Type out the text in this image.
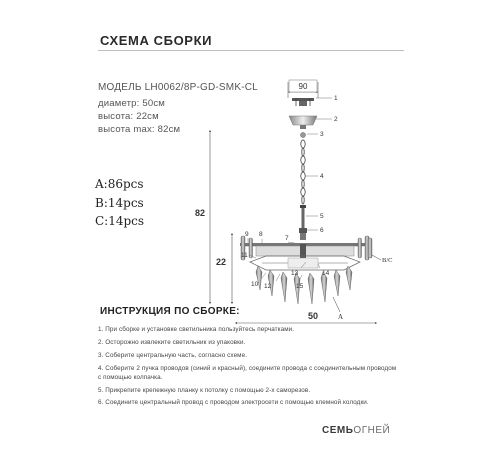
СХЕМА СБОРКИ
МОДЕЛЬ LH0062/8P-GD-SMK-CL
диаметр: 50см
высота: 22см
высота max: 82см
A:86pcs
B:14pcs
C:14pcs
90
B/C
A
82
22
50
1
2
3
4
5
6
7
8
9
10
11
12
13	14
15
ИНСТРУКЦИЯ ПО СБОРКЕ:
1. При сборке и установке светильника пользуйтесь перчатками.
2. Осторожно извлеките светильник из упаковки.
3. Соберите центральную часть, согласно схеме.
4. Соберите 2 пучка проводов (синий и красный), соедините провода с соединительным проводом с помощью колпачка.
5. Прикрепите крепежную планку к потолку с помощью 2-х саморезов.
6. Соедините центральный провод с проводом электросети с помощью клемной колодки.
СЕМЬОГНЕЙ
